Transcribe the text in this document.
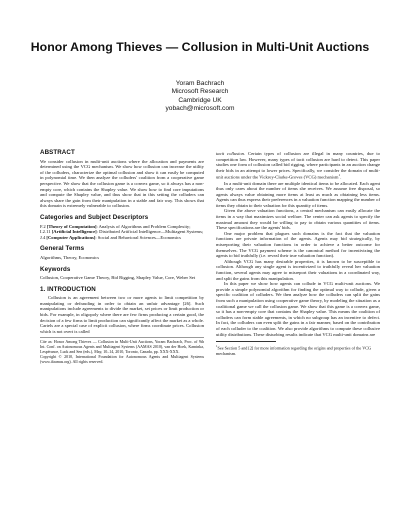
Honor Among Thieves — Collusion in Multi-Unit Auctions
Yoram Bachrach
Microsoft Research
Cambridge UK
yobach@microsoft.com
ABSTRACT

We consider collusion in multi-unit auctions where the allocation and payments are determined using the VCG mechanism. We show how collusion can increase the utility of the colluders, characterize the optimal collusion and show it can easily be computed in polynomial time. We then analyze the colluders' coalition from a cooperative game perspective. We show that the collusion game is a convex game, so it always has a non-empty core, which contains the Shapley value. We show how to find core imputations and compute the Shapley value, and thus show that in this setting the colluders can always share the gain from their manipulation in a stable and fair way. This shows that this domain is extremely vulnerable to collusion.

Categories and Subject Descriptors

F.2 [Theory of Computation]: Analysis of Algorithms and Problem Complexity;

I.2.11 [Artificial Intelligence]: Distributed Artificial Intelligence—Multiagent Systems;

J.4 [Computer Applications]: Social and Behavioral Sciences—Economics

General Terms

Algorithms, Theory, Economics

Keywords

Collusion, Cooperative Game Theory, Bid Rigging, Shapley Value, Core, Weber Set

1. INTRODUCTION

Collusion is an agreement between two or more agents to limit competition by manipulating or defrauding in order to obtain an unfair advantage [26]. Such manipulations include agreements to divide the market, set prices or limit production or bids. For example, in oligopoly where there are few firms producing a certain good, the decision of a few firms to limit production can significantly affect the market as a whole. Cartels are a special case of explicit collusion, where firms coordinate prices. Collusion which is not overt is called

Cite as: Honor Among Thieves — Collusion in Multi-Unit Auctions, Yoram Bachrach, Proc. of 9th Int. Conf. on Autonomous Agents and Multiagent Systems (AAMAS 2010), van der Hoek, Kaminka, Lespérance, Luck and Sen (eds.), May, 10–14, 2010, Toronto, Canada, pp. XXX-XXX.
Copyright © 2010, International Foundation for Autonomous Agents and Multiagent Systems (www.ifaamas.org). All rights reserved.

tacit collusion. Certain types of collusion are illegal in many countries, due to competition law. However, many types of tacit collusion are hard to detect. This paper studies one form of collusion called bid rigging, where participants in an auction change their bids in an attempt to lower prices. Specifically, we consider the domain of multi-unit auctions under the Vickrey-Clarke-Groves (VCG) mechanism$^1$.

In a multi-unit domain there are multiple identical items to be allocated. Each agent thus only cares about the number of items she receives. We assume free disposal, so agents always value obtaining more items at least as much as obtaining less items. Agents can thus express their preferences in a valuation function mapping the number of items they obtain to their valuation for this quantity of items.

Given the above valuation functions, a central mechanism can easily allocate the items in a way that maximizes social welfare. The center can ask agents to specify the maximal amount they would be willing to pay to obtain various quantities of items. These specifications are the agents' bids.

One major problem that plagues such domains is the fact that the valuation functions are private information of the agents. Agents may bid strategically, by misreporting their valuation functions in order to achieve a better outcome for themselves. The VCG payment scheme is the canonical method for incentivizing the agents to bid truthfully (i.e. reveal their true valuation function).

Although VCG has many desirable properties, it is known to be susceptible to collusion. Although any single agent is incentivized to truthfully reveal her valuation function, several agents may agree to misreport their valuations in a coordinated way, and split the gains from this manipulation.

In this paper we show how agents can collude in VCG multi-unit auctions. We provide a simple polynomial algorithm for finding the optimal way to collude, given a specific coalition of colluders. We then analyze how the colluders can split the gains from such a manipulation using cooperative game theory, by modeling the situation as a coalitional game we call the collusion game. We show that this game is a convex game, so it has a non-empty core that contains the Shapley value. This means the coalition of colluders can form stable agreements, in which no subgroup has an incentive to defect. In fact, the colluders can even split the gains in a fair manner, based on the contribution of each colluder to the coalition. We also provide algorithms to compute these collusive utility distributions. These disturbing results indicate that VCG multi-unit domains are

$^1$See Section 5 and [2] for more information regarding the origins and properties of the VCG mechanism.
